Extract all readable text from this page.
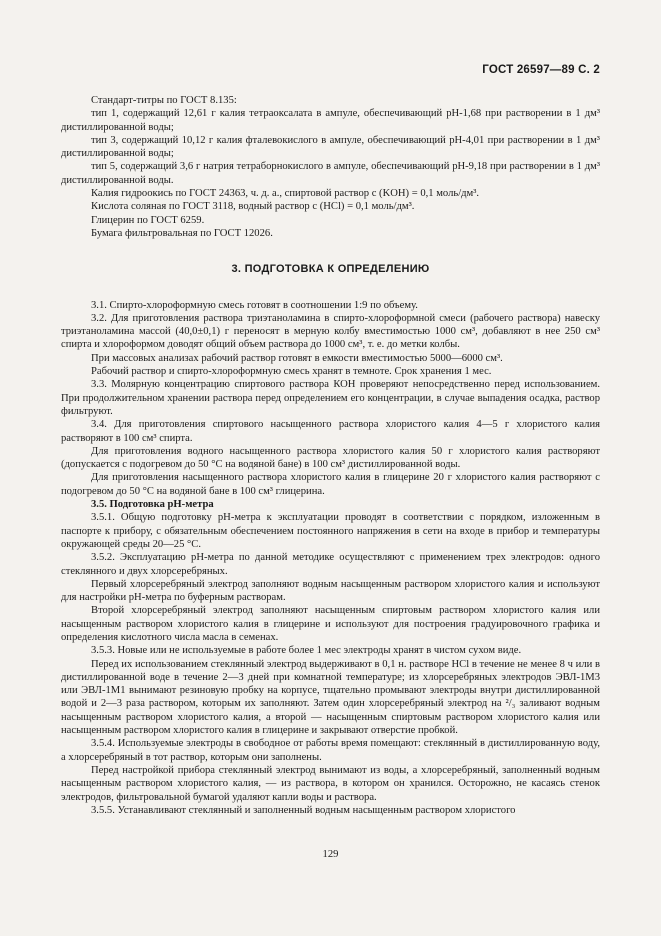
ГОСТ 26597—89 С. 2

Стандарт-титры по ГОСТ 8.135:

тип 1, содержащий 12,61 г калия тетраоксалата в ампуле, обеспечивающий рН-1,68 при растворении в 1 дм³ дистиллированной воды;

тип 3, содержащий 10,12 г калия фталевокислого в ампуле, обеспечивающий рН-4,01 при растворении в 1 дм³ дистиллированной воды;

тип 5, содержащий 3,6 г натрия тетраборнокислого в ампуле, обеспечивающий рН-9,18 при растворении в 1 дм³ дистиллированной воды.

Калия гидроокись по ГОСТ 24363, ч. д. а., спиртовой раствор c (KOH) = 0,1 моль/дм³.

Кислота соляная по ГОСТ 3118, водный раствор c (HCl) = 0,1 моль/дм³.

Глицерин по ГОСТ 6259.

Бумага фильтровальная по ГОСТ 12026.

3. ПОДГОТОВКА К ОПРЕДЕЛЕНИЮ

3.1. Спирто-хлороформную смесь готовят в соотношении 1:9 по объему.

3.2. Для приготовления раствора триэтаноламина в спирто-хлороформной смеси (рабочего раствора) навеску триэтаноламина массой (40,0±0,1) г переносят в мерную колбу вместимостью 1000 см³, добавляют в нее 250 см³ спирта и хлороформом доводят общий объем раствора до 1000 см³, т. е. до метки колбы.

При массовых анализах рабочий раствор готовят в емкости вместимостью 5000—6000 см³.

Рабочий раствор и спирто-хлороформную смесь хранят в темноте. Срок хранения 1 мес.

3.3. Молярную концентрацию спиртового раствора КОН проверяют непосредственно перед использованием. При продолжительном хранении раствора перед определением его концентрации, в случае выпадения осадка, раствор фильтруют.

3.4. Для приготовления спиртового насыщенного раствора хлористого калия 4—5 г хлористого калия растворяют в 100 см³ спирта.

Для приготовления водного насыщенного раствора хлористого калия 50 г хлористого калия растворяют (допускается с подогревом до 50 °С на водяной бане) в 100 см³ дистиллированной воды.

Для приготовления насыщенного раствора хлористого калия в глицерине 20 г хлористого калия растворяют с подогревом до 50 °С на водяной бане в 100 см³ глицерина.

3.5. Подготовка рН-метра

3.5.1. Общую подготовку рН-метра к эксплуатации проводят в соответствии с порядком, изложенным в паспорте к прибору, с обязательным обеспечением постоянного напряжения в сети на входе в прибор и температуры окружающей среды 20—25 °С.

3.5.2. Эксплуатацию рН-метра по данной методике осуществляют с применением трех электродов: одного стеклянного и двух хлорсеребряных.

Первый хлорсеребряный электрод заполняют водным насыщенным раствором хлористого калия и используют для настройки рН-метра по буферным растворам.

Второй хлорсеребряный электрод заполняют насыщенным спиртовым раствором хлористого калия или насыщенным раствором хлористого калия в глицерине и используют для построения градуировочного графика и определения кислотного числа масла в семенах.

3.5.3. Новые или не используемые в работе более 1 мес электроды хранят в чистом сухом виде.

Перед их использованием стеклянный электрод выдерживают в 0,1 н. растворе HCl в течение не менее 8 ч или в дистиллированной воде в течение 2—3 дней при комнатной температуре; из хлорсеребряных электродов ЭВЛ-1М3 или ЭВЛ-1М1 вынимают резиновую пробку на корпусе, тщательно промывают электроды внутри дистиллированной водой и 2—3 раза раствором, которым их заполняют. Затем один хлорсеребряный электрод на ²/₃ заливают водным насыщенным раствором хлористого калия, а второй — насыщенным спиртовым раствором хлористого калия или насыщенным раствором хлористого калия в глицерине и закрывают отверстие пробкой.

3.5.4. Используемые электроды в свободное от работы время помещают: стеклянный в дистиллированную воду, а хлорсеребряный в тот раствор, которым они заполнены.

Перед настройкой прибора стеклянный электрод вынимают из воды, а хлорсеребряный, заполненный водным насыщенным раствором хлористого калия, — из раствора, в котором он хранился. Осторожно, не касаясь стенок электродов, фильтровальной бумагой удаляют капли воды и раствора.

3.5.5. Устанавливают стеклянный и заполненный водным насыщенным раствором хлористого

129
